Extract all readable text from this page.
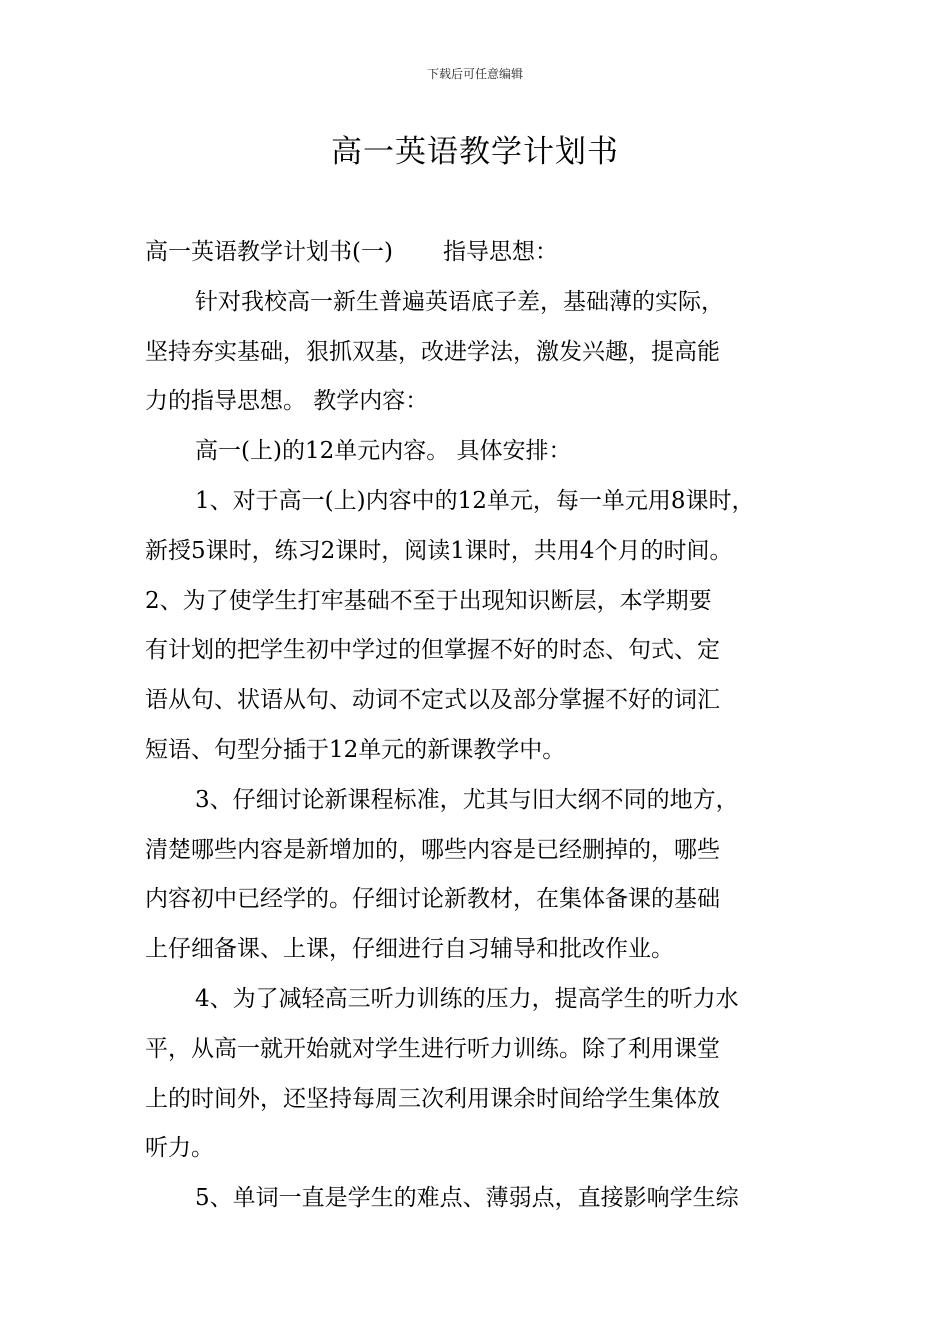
下载后可任意编辑
高一英语教学计划书
高一英语教学计划书(一) 指导思想：
针对我校高一新生普遍英语底子差，基础薄的实际，
坚持夯实基础，狠抓双基，改进学法，激发兴趣，提高能
力的指导思想。 教学内容：
高一(上)的12单元内容。 具体安排：
1、对于高一(上)内容中的12单元，每一单元用8课时，
新授5课时，练习2课时，阅读1课时，共用4个月的时间。
2、为了使学生打牢基础不至于出现知识断层，本学期要
有计划的把学生初中学过的但掌握不好的时态、句式、定
语从句、状语从句、动词不定式以及部分掌握不好的词汇
短语、句型分插于12单元的新课教学中。
3、仔细讨论新课程标准，尤其与旧大纲不同的地方，
清楚哪些内容是新增加的，哪些内容是已经删掉的，哪些
内容初中已经学的。仔细讨论新教材，在集体备课的基础
上仔细备课、上课，仔细进行自习辅导和批改作业。
4、为了减轻高三听力训练的压力，提高学生的听力水
平，从高一就开始就对学生进行听力训练。除了利用课堂
上的时间外，还坚持每周三次利用课余时间给学生集体放
听力。
5、单词一直是学生的难点、薄弱点，直接影响学生综
